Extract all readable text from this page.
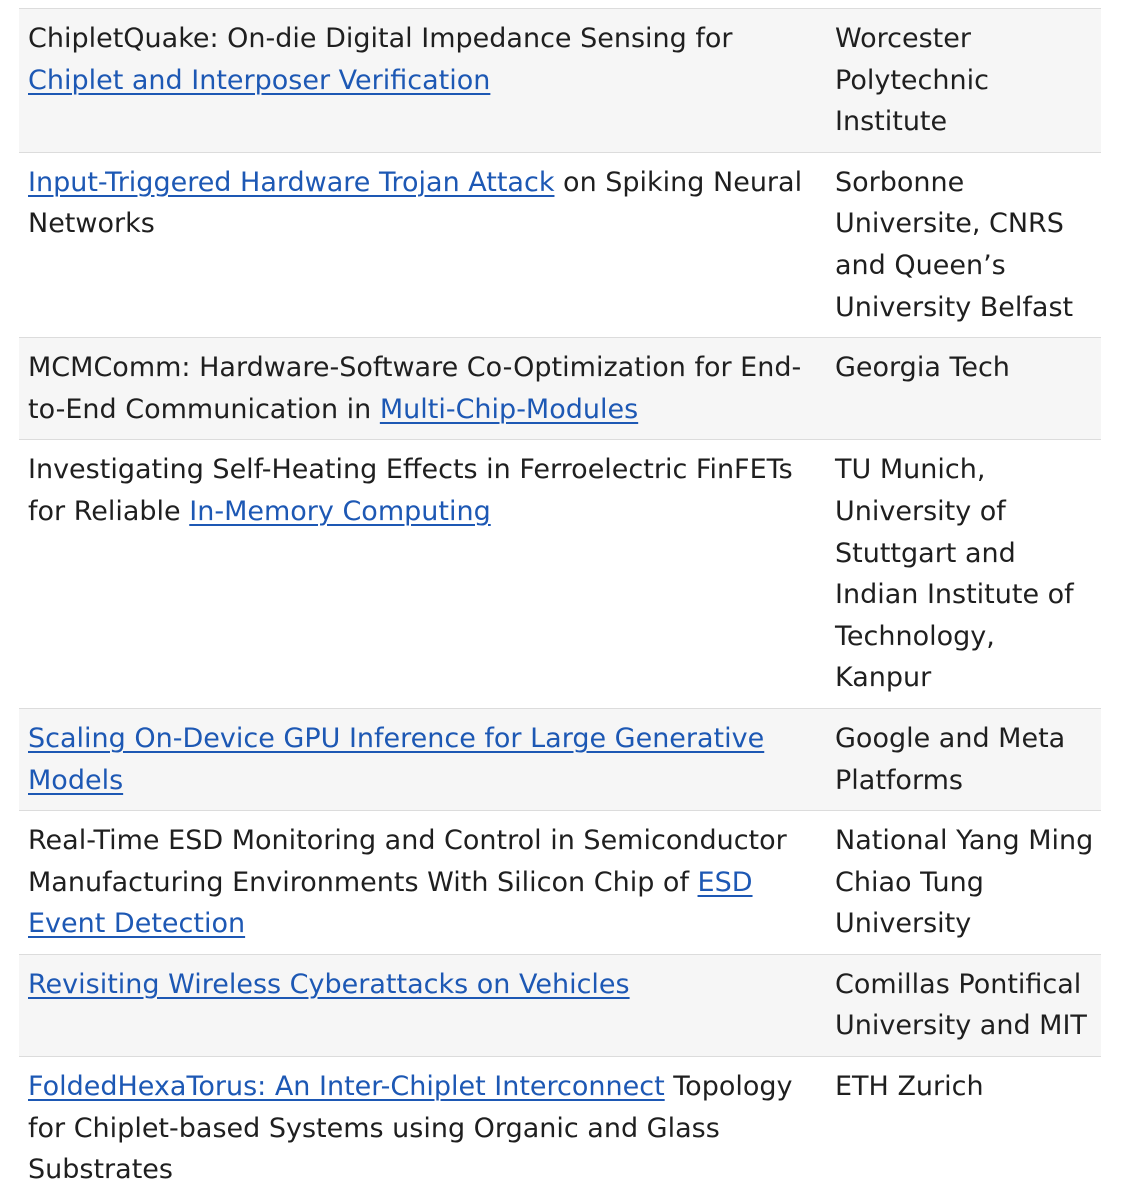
ChipletQuake: On-die Digital Impedance Sensing for Chiplet and Interposer Verification
Worcester Polytechnic Institute
Input-Triggered Hardware Trojan Attack on Spiking Neural Networks
Sorbonne Universite, CNRS and Queen’s University Belfast
MCMComm: Hardware-Software Co-Optimization for End-to-End Communication in Multi-Chip-Modules
Georgia Tech
Investigating Self-Heating Effects in Ferroelectric FinFETs for Reliable In-Memory Computing
TU Munich, University of Stuttgart and Indian Institute of Technology, Kanpur
Scaling On-Device GPU Inference for Large Generative Models
Google and Meta Platforms
Real-Time ESD Monitoring and Control in Semiconductor Manufacturing Environments With Silicon Chip of ESD Event Detection
National Yang Ming Chiao Tung University
Revisiting Wireless Cyberattacks on Vehicles	Comillas Pontifical University and MIT
FoldedHexaTorus: An Inter-Chiplet Interconnect Topology for Chiplet-based Systems using Organic and Glass Substrates
ETH Zurich
